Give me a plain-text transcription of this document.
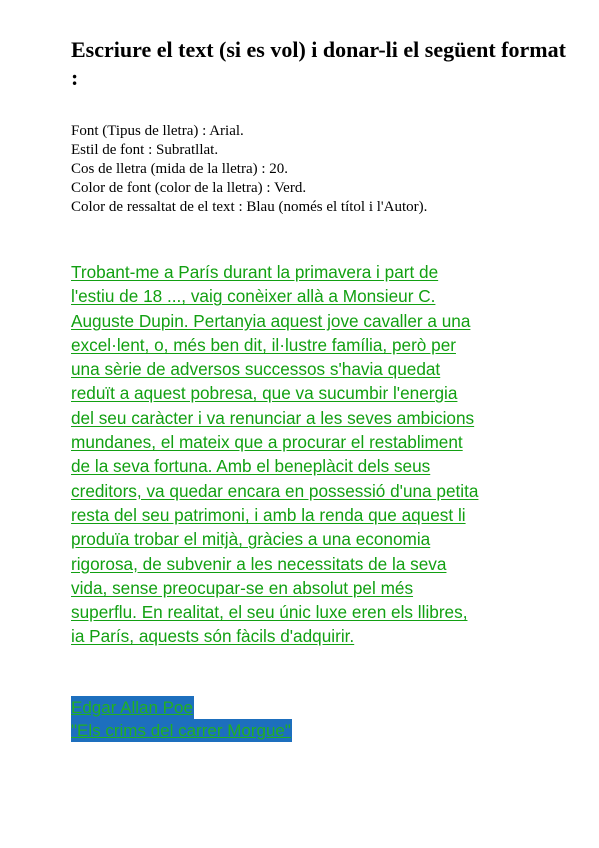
Escriure el text (si es vol) i donar-li el següent format :
Font (Tipus de lletra) : Arial.
Estil de font : Subratllat.
Cos de lletra (mida de la lletra) : 20.
Color de font (color de la lletra) : Verd.
Color de ressaltat de el text : Blau (només el títol i l'Autor).

Trobant-me a París durant la primavera i part de
l'estiu de 18 ..., vaig conèixer allà a Monsieur C.
Auguste Dupin. Pertanyia aquest jove cavaller a una
excel·lent, o, més ben dit, il·lustre família, però per
una sèrie de adversos successos s'havia quedat
reduït a aquest pobresa, que va sucumbir l'energia
del seu caràcter i va renunciar a les seves ambicions
mundanes, el mateix que a procurar el restabliment
de la seva fortuna. Amb el beneplàcit dels seus
creditors, va quedar encara en possessió d'una petita
resta del seu patrimoni, i amb la renda que aquest li
produïa trobar el mitjà, gràcies a una economia
rigorosa, de subvenir a les necessitats de la seva
vida, sense preocupar-se en absolut pel més
superflu. En realitat, el seu únic luxe eren els llibres,
ia París, aquests són fàcils d'adquirir.

Edgar Allan Poe
"Els crims del carrer Morgue"
